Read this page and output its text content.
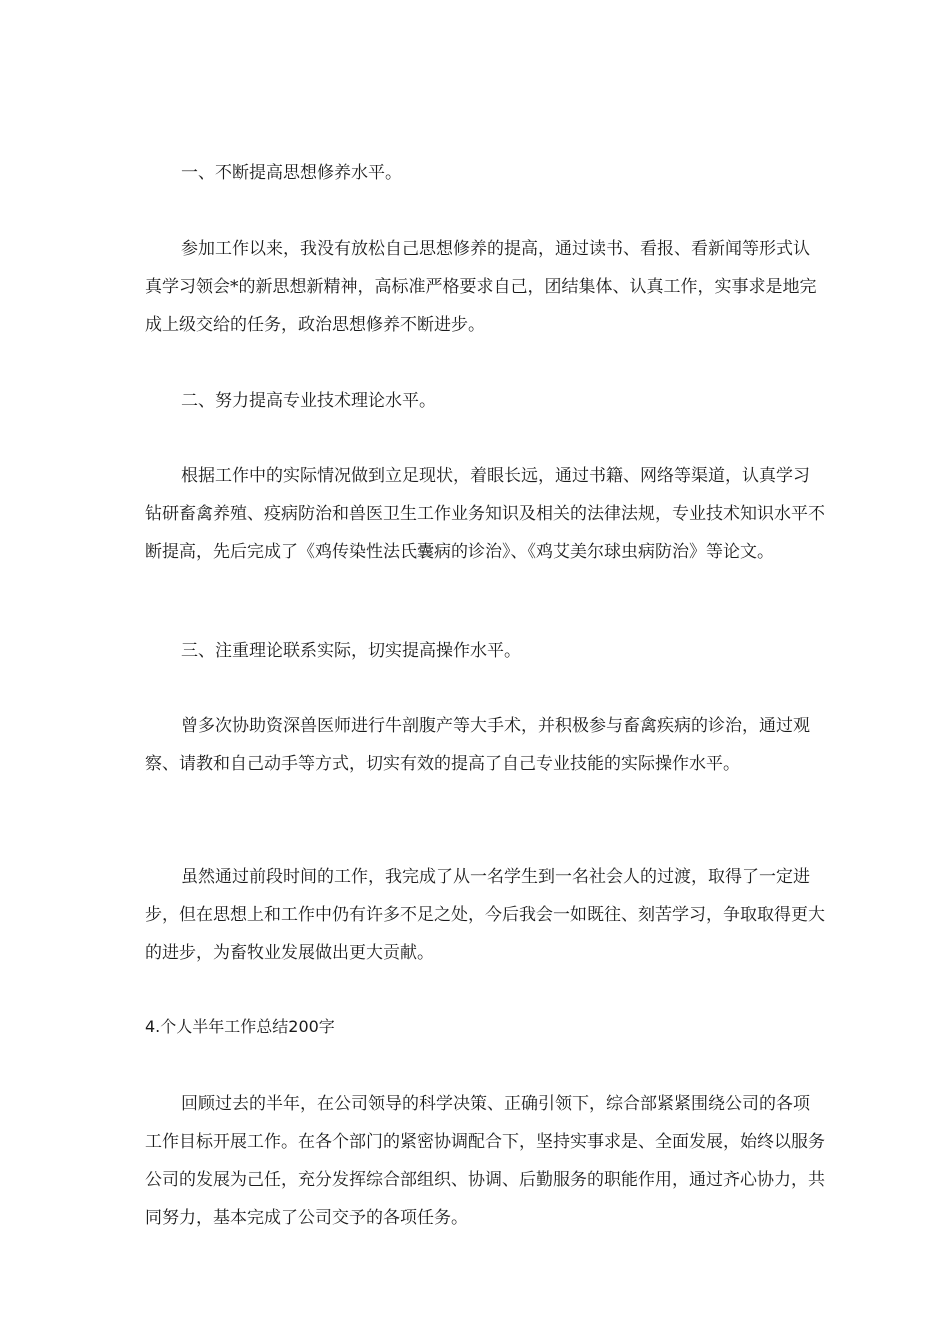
一、不断提高思想修养水平。

参加工作以来，我没有放松自己思想修养的提高，通过读书、看报、看新闻等形式认真学习领会*的新思想新精神，高标准严格要求自己，团结集体、认真工作，实事求是地完成上级交给的任务，政治思想修养不断进步。

二、努力提高专业技术理论水平。

根据工作中的实际情况做到立足现状，着眼长远，通过书籍、网络等渠道，认真学习钻研畜禽养殖、疫病防治和兽医卫生工作业务知识及相关的法律法规，专业技术知识水平不断提高，先后完成了《鸡传染性法氏囊病的诊治》、《鸡艾美尔球虫病防治》等论文。

三、注重理论联系实际，切实提高操作水平。

曾多次协助资深兽医师进行牛剖腹产等大手术，并积极参与畜禽疾病的诊治，通过观察、请教和自己动手等方式，切实有效的提高了自己专业技能的实际操作水平。

虽然通过前段时间的工作，我完成了从一名学生到一名社会人的过渡，取得了一定进步，但在思想上和工作中仍有许多不足之处，今后我会一如既往、刻苦学习，争取取得更大的进步，为畜牧业发展做出更大贡献。

4.个人半年工作总结200字

回顾过去的半年，在公司领导的科学决策、正确引领下，综合部紧紧围绕公司的各项工作目标开展工作。在各个部门的紧密协调配合下，坚持实事求是、全面发展，始终以服务公司的发展为己任，充分发挥综合部组织、协调、后勤服务的职能作用，通过齐心协力，共同努力，基本完成了公司交予的各项任务。
